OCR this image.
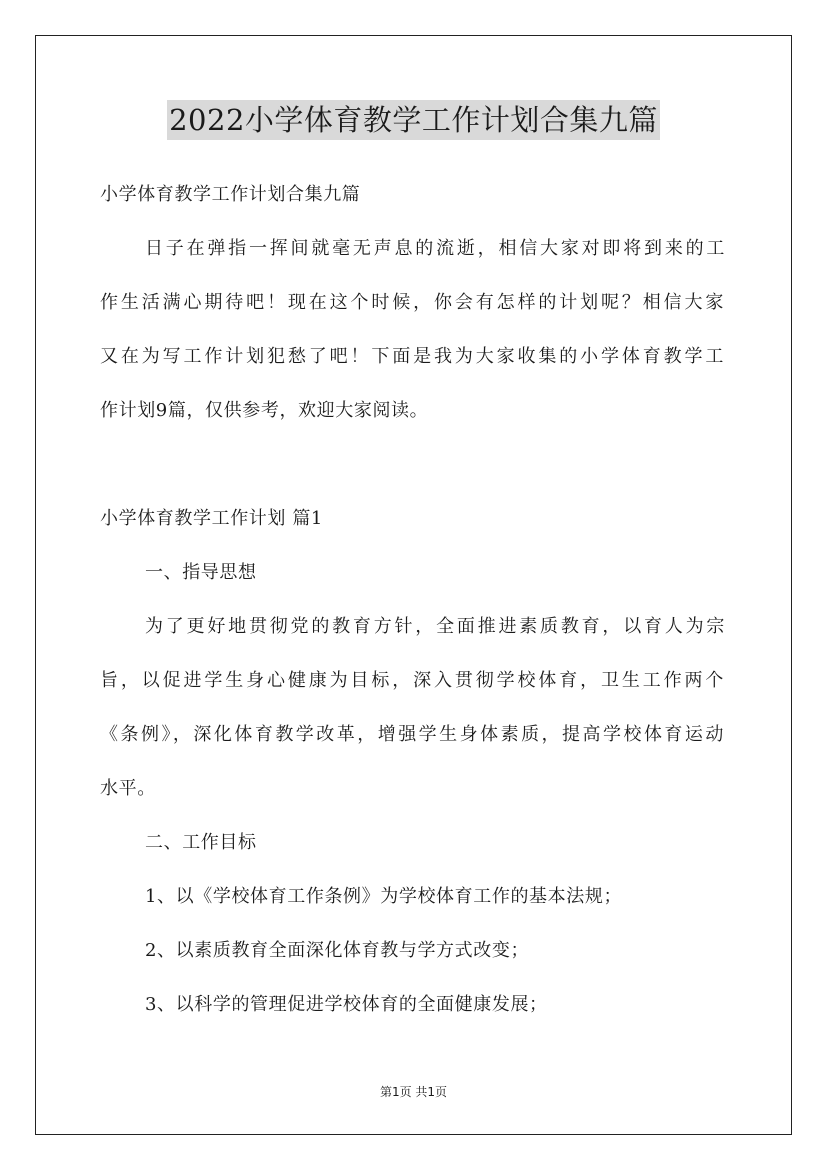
2022小学体育教学工作计划合集九篇
小学体育教学工作计划合集九篇
日子在弹指一挥间就毫无声息的流逝，相信大家对即将到来的工
作生活满心期待吧！现在这个时候，你会有怎样的计划呢？相信大家
又在为写工作计划犯愁了吧！下面是我为大家收集的小学体育教学工
作计划9篇，仅供参考，欢迎大家阅读。
小学体育教学工作计划 篇1
一、指导思想
为了更好地贯彻党的教育方针，全面推进素质教育，以育人为宗
旨，以促进学生身心健康为目标，深入贯彻学校体育，卫生工作两个
《条例》，深化体育教学改革，增强学生身体素质，提高学校体育运动
水平。
二、工作目标
1、以《学校体育工作条例》为学校体育工作的基本法规；
2、以素质教育全面深化体育教与学方式改变；
3、以科学的管理促进学校体育的全面健康发展；
第1页 共1页
